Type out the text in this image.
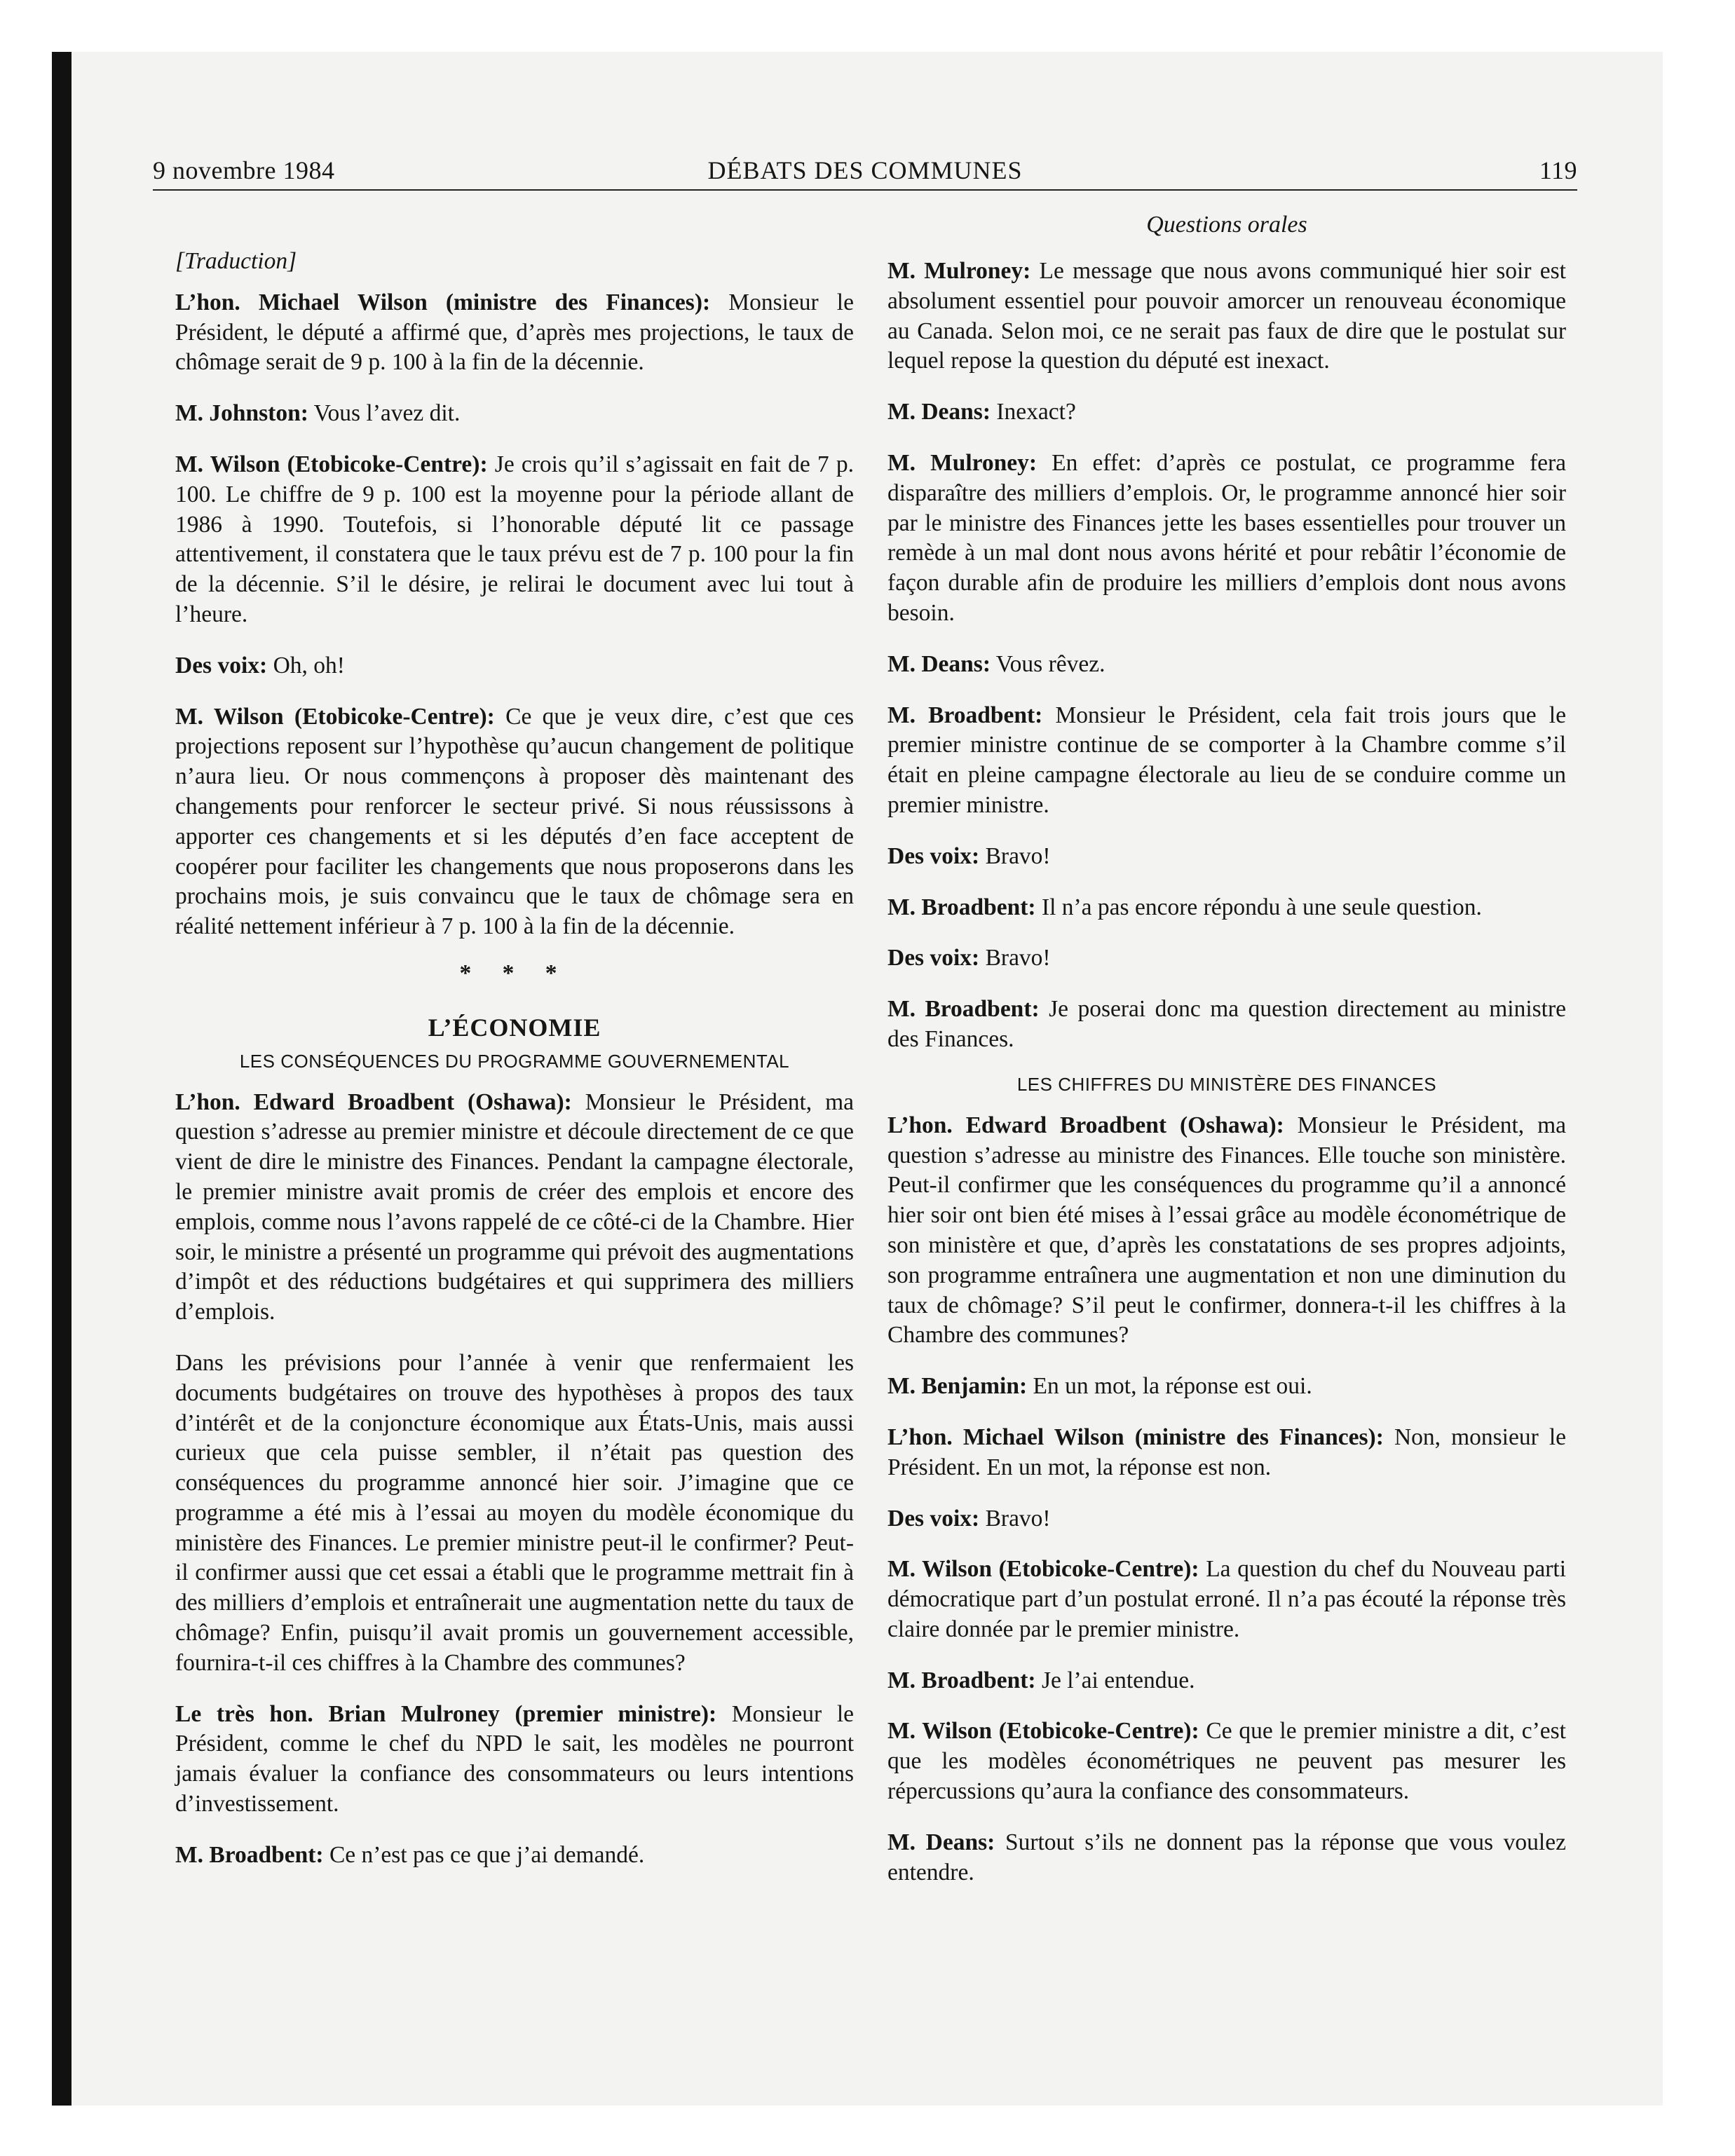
9 novembre 1984	DÉBATS DES COMMUNES	119

[Traduction]

L’hon. Michael Wilson (ministre des Finances): Monsieur le Président, le député a affirmé que, d’après mes projections, le taux de chômage serait de 9 p. 100 à la fin de la décennie.

M. Johnston: Vous l’avez dit.

M. Wilson (Etobicoke-Centre): Je crois qu’il s’agissait en fait de 7 p. 100. Le chiffre de 9 p. 100 est la moyenne pour la période allant de 1986 à 1990. Toutefois, si l’honorable député lit ce passage attentivement, il constatera que le taux prévu est de 7 p. 100 pour la fin de la décennie. S’il le désire, je relirai le document avec lui tout à l’heure.

Des voix: Oh, oh!

M. Wilson (Etobicoke-Centre): Ce que je veux dire, c’est que ces projections reposent sur l’hypothèse qu’aucun changement de politique n’aura lieu. Or nous commençons à proposer dès maintenant des changements pour renforcer le secteur privé. Si nous réussissons à apporter ces changements et si les députés d’en face acceptent de coopérer pour faciliter les changements que nous proposerons dans les prochains mois, je suis convaincu que le taux de chômage sera en réalité nettement inférieur à 7 p. 100 à la fin de la décennie.

* * *

L’ÉCONOMIE

LES CONSÉQUENCES DU PROGRAMME GOUVERNEMENTAL

L’hon. Edward Broadbent (Oshawa): Monsieur le Président, ma question s’adresse au premier ministre et découle directement de ce que vient de dire le ministre des Finances. Pendant la campagne électorale, le premier ministre avait promis de créer des emplois et encore des emplois, comme nous l’avons rappelé de ce côté-ci de la Chambre. Hier soir, le ministre a présenté un programme qui prévoit des augmentations d’impôt et des réductions budgétaires et qui supprimera des milliers d’emplois.

Dans les prévisions pour l’année à venir que renfermaient les documents budgétaires on trouve des hypothèses à propos des taux d’intérêt et de la conjoncture économique aux États-Unis, mais aussi curieux que cela puisse sembler, il n’était pas question des conséquences du programme annoncé hier soir. J’imagine que ce programme a été mis à l’essai au moyen du modèle économique du ministère des Finances. Le premier ministre peut-il le confirmer? Peut-il confirmer aussi que cet essai a établi que le programme mettrait fin à des milliers d’emplois et entraînerait une augmentation nette du taux de chômage? Enfin, puisqu’il avait promis un gouvernement accessible, fournira-t-il ces chiffres à la Chambre des communes?

Le très hon. Brian Mulroney (premier ministre): Monsieur le Président, comme le chef du NPD le sait, les modèles ne pourront jamais évaluer la confiance des consommateurs ou leurs intentions d’investissement.

M. Broadbent: Ce n’est pas ce que j’ai demandé.

Questions orales

M. Mulroney: Le message que nous avons communiqué hier soir est absolument essentiel pour pouvoir amorcer un renouveau économique au Canada. Selon moi, ce ne serait pas faux de dire que le postulat sur lequel repose la question du député est inexact.

M. Deans: Inexact?

M. Mulroney: En effet: d’après ce postulat, ce programme fera disparaître des milliers d’emplois. Or, le programme annoncé hier soir par le ministre des Finances jette les bases essentielles pour trouver un remède à un mal dont nous avons hérité et pour rebâtir l’économie de façon durable afin de produire les milliers d’emplois dont nous avons besoin.

M. Deans: Vous rêvez.

M. Broadbent: Monsieur le Président, cela fait trois jours que le premier ministre continue de se comporter à la Chambre comme s’il était en pleine campagne électorale au lieu de se conduire comme un premier ministre.

Des voix: Bravo!

M. Broadbent: Il n’a pas encore répondu à une seule question.

Des voix: Bravo!

M. Broadbent: Je poserai donc ma question directement au ministre des Finances.

LES CHIFFRES DU MINISTÈRE DES FINANCES

L’hon. Edward Broadbent (Oshawa): Monsieur le Président, ma question s’adresse au ministre des Finances. Elle touche son ministère. Peut-il confirmer que les conséquences du programme qu’il a annoncé hier soir ont bien été mises à l’essai grâce au modèle économétrique de son ministère et que, d’après les constatations de ses propres adjoints, son programme entraînera une augmentation et non une diminution du taux de chômage? S’il peut le confirmer, donnera-t-il les chiffres à la Chambre des communes?

M. Benjamin: En un mot, la réponse est oui.

L’hon. Michael Wilson (ministre des Finances): Non, monsieur le Président. En un mot, la réponse est non.

Des voix: Bravo!

M. Wilson (Etobicoke-Centre): La question du chef du Nouveau parti démocratique part d’un postulat erroné. Il n’a pas écouté la réponse très claire donnée par le premier ministre.

M. Broadbent: Je l’ai entendue.

M. Wilson (Etobicoke-Centre): Ce que le premier ministre a dit, c’est que les modèles économétriques ne peuvent pas mesurer les répercussions qu’aura la confiance des consommateurs.

M. Deans: Surtout s’ils ne donnent pas la réponse que vous voulez entendre.
